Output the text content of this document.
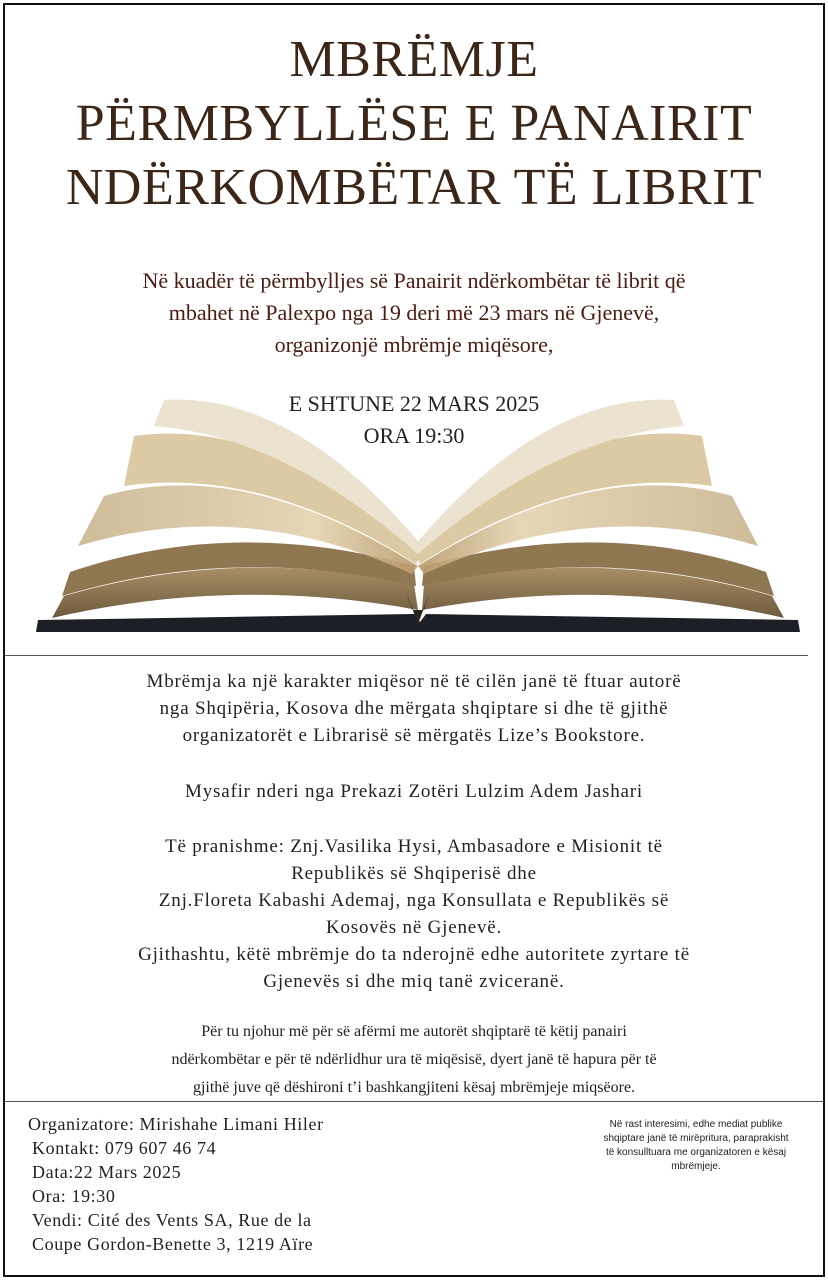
MBRËMJE
PËRMBYLLËSE E PANAIRIT
NDËRKOMBËTAR TË LIBRIT
Në kuadër të përmbylljes së Panairit ndërkombëtar të librit që
mbahet në Palexpo nga 19 deri më 23 mars në Gjenevë,
organizonjë mbrëmje miqësore,
E SHTUNE 22 MARS 2025
ORA 19:30

Mbrëmja ka një karakter miqësor në të cilën janë të ftuar autorë

nga Shqipëria, Kosova dhe mërgata shqiptare si dhe të gjithë

organizatorët e Librarisë së mërgatës Lize’s Bookstore.

Mysafir nderi nga Prekazi Zotëri Lulzim Adem Jashari

Të pranishme: Znj.Vasilika Hysi, Ambasadore e Misionit të

Republikës së Shqiperisë dhe

Znj.Floreta Kabashi Ademaj, nga Konsullata e Republikës së

Kosovës në Gjenevë.

Gjithashtu, këtë mbrëmje do ta nderojnë edhe autoritete zyrtare të

Gjenevës si dhe miq tanë zviceranë.

Për tu njohur më për së afërmi me autorët shqiptarë të këtij panairi
ndërkombëtar e për të ndërlidhur ura të miqësisë, dyert janë të hapura për të
gjithë juve që dëshironi t’i bashkangjiteni kësaj mbrëmjeje miqsëore.
Organizatore: Mirishahe Limani Hiler
Kontakt: 079 607 46 74
Data:22 Mars 2025
Ora: 19:30
Vendi: Cité des Vents SA, Rue de la
Coupe Gordon-Benette 3, 1219 Aïre
Në rast interesimi, edhe mediat publike
shqiptare janë të mirëpritura, paraprakisht
të konsulltuara me organizatoren e kësaj
mbrëmjeje.
